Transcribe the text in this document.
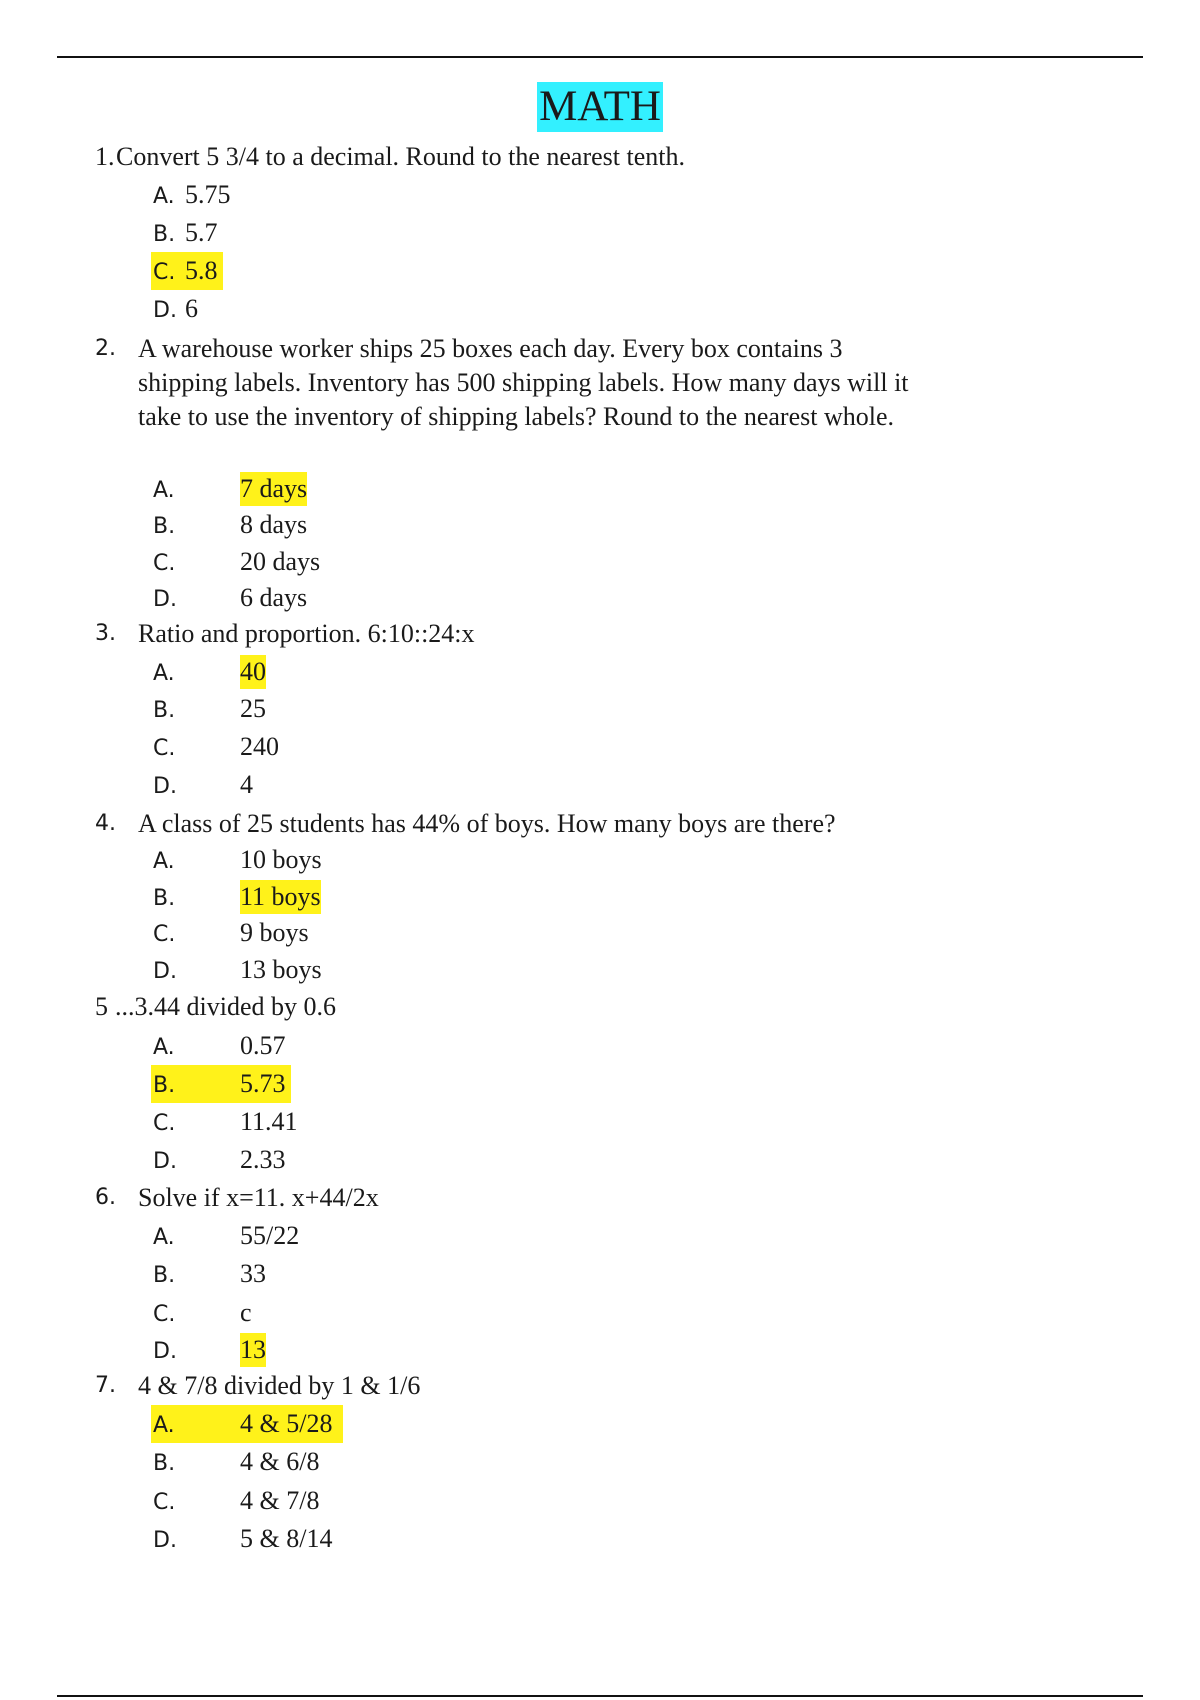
MATH
1. Convert 5 3/4 to a decimal. Round to the nearest tenth.
A. 5.75
B. 5.7
C. 5.8
D. 6
2. A warehouse worker ships 25 boxes each day. Every box contains 3 shipping labels. Inventory has 500 shipping labels. How many days will it take to use the inventory of shipping labels? Round to the nearest whole.
A.	7 days
B. 8 days
C. 20 days
D. 6 days
3. Ratio and proportion. 6:10::24:x
A.	40
B. 25
C. 240
D. 4
4. A class of 25 students has 44% of boys. How many boys are there?
A.	10 boys
B. 11 boys
C. 9 boys
D. 13 boys
5 ...3.44 divided by 0.6
A.	0.57
B. 5.73
C. 11.41
D. 2.33
6. Solve if x=11. x+44/2x
A.	55/22
B. 33
C. c
D. 13
7. 4 & 7/8 divided by 1 & 1/6
A.	4 & 5/28
B. 4 & 6/8
C. 4 & 7/8
D. 5 & 8/14
